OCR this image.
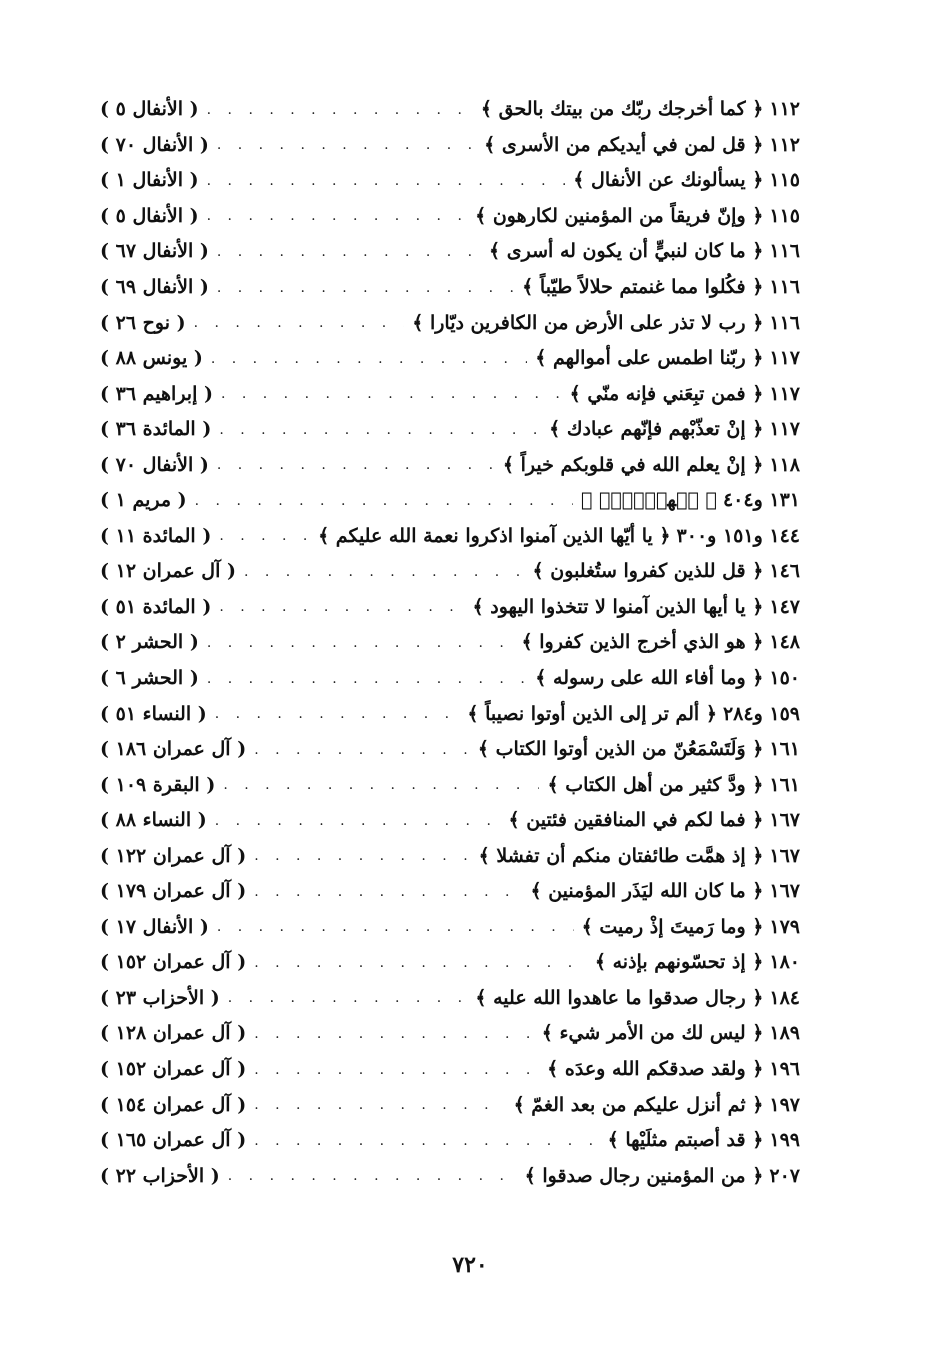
١١٢
﴿ كما أخرجك ربّك من بيتك بالحق ﴾
. . .
( الأنفال ٥ )
١١٢
﴿ قل لمن في أيديكم من الأسرى ﴾
. . .
( الأنفال ٧٠ )
١١٥
﴿ يسألونك عن الأنفال ﴾
. . .
( الأنفال ١ )
١١٥
﴿ وإنّ فريقاً من المؤمنين لكارهون ﴾
. . .
( الأنفال ٥ )
١١٦
﴿ ما كان لنبيٍّ أن يكون له أسرى ﴾
. . .
( الأنفال ٦٧ )
١١٦
﴿ فكُلوا مما غنمتم حلالاً طيّباً ﴾
. . .
( الأنفال ٦٩ )
١١٦
﴿ رب لا تذر على الأرض من الكافرين ديّارا ﴾
. . .
( نوح ٢٦ )
١١٧
﴿ ربّنا اطمس على أموالهم ﴾
. . .
( يونس ٨٨ )
١١٧
﴿ فمن تبِعَني فإنه منّي ﴾
. . .
( إبراهيم ٣٦ )
١١٧
﴿ إنْ تعذّبْهم فإنّهم عبادك ﴾
. . .
( المائدة ٣٦ )
١١٨
﴿ إنْ يعلم الله في قلوبكم خيراً ﴾
. . .
( الأنفال ٧٠ )
١٣١ و٤٠٤
﴿ كۤهيۤعۤصۤ ﴾
. . .
( مريم ١ )
١٤٤ و١٥١ و٣٠٠
﴿ يا أيّها الذين آمنوا اذكروا نعمة الله عليكم ﴾
. . .
( المائدة ١١ )
١٤٦
﴿ قل للذين كفروا ستُغلبون ﴾
. . .
( آل عمران ١٢ )
١٤٧
﴿ يا أيها الذين آمنوا لا تتخذوا اليهود ﴾
. . .
( المائدة ٥١ )
١٤٨
﴿ هو الذي أخرج الذين كفروا ﴾
. . .
( الحشر ٢ )
١٥٠
﴿ وما أفاء الله على رسوله ﴾
. . .
( الحشر ٦ )
١٥٩ و٢٨٤
﴿ ألم تر إلى الذين أوتوا نصيباً ﴾
. . .
( النساء ٥١ )
١٦١
﴿ وَلَتَسْمَعُنّ من الذين أوتوا الكتاب ﴾
. . .
( آل عمران ١٨٦ )
١٦١
﴿ ودَّ كثير من أهل الكتاب ﴾
. . .
( البقرة ١٠٩ )
١٦٧
﴿ فما لكم في المنافقين فئتين ﴾
. . .
( النساء ٨٨ )
١٦٧
﴿ إذ همَّت طائفتان منكم أن تفشلا ﴾
. . .
( آل عمران ١٢٢ )
١٦٧
﴿ ما كان الله ليَذَر المؤمنين ﴾
. . .
( آل عمران ١٧٩ )
١٧٩
﴿ وما رَميتَ إذْ رميت ﴾
. . .
( الأنفال ١٧ )
١٨٠
﴿ إذ تحسّونهم بإذنه ﴾
. . .
( آل عمران ١٥٢ )
١٨٤
﴿ رجال صدقوا ما عاهدوا الله عليه ﴾
. . .
( الأحزاب ٢٣ )
١٨٩
﴿ ليس لك من الأمر شيء ﴾
. . .
( آل عمران ١٢٨ )
١٩٦
﴿ ولقد صدقكم الله وعدَه ﴾
. . .
( آل عمران ١٥٢ )
١٩٧
﴿ ثم أنزل عليكم من بعد الغمّ ﴾
. . .
( آل عمران ١٥٤ )
١٩٩
﴿ قد أصبتم مثلَيْها ﴾
. . .
( آل عمران ١٦٥ )
٢٠٧
﴿ من المؤمنين رجال صدقوا ﴾
. . .
( الأحزاب ٢٢ )
٧٢٠
